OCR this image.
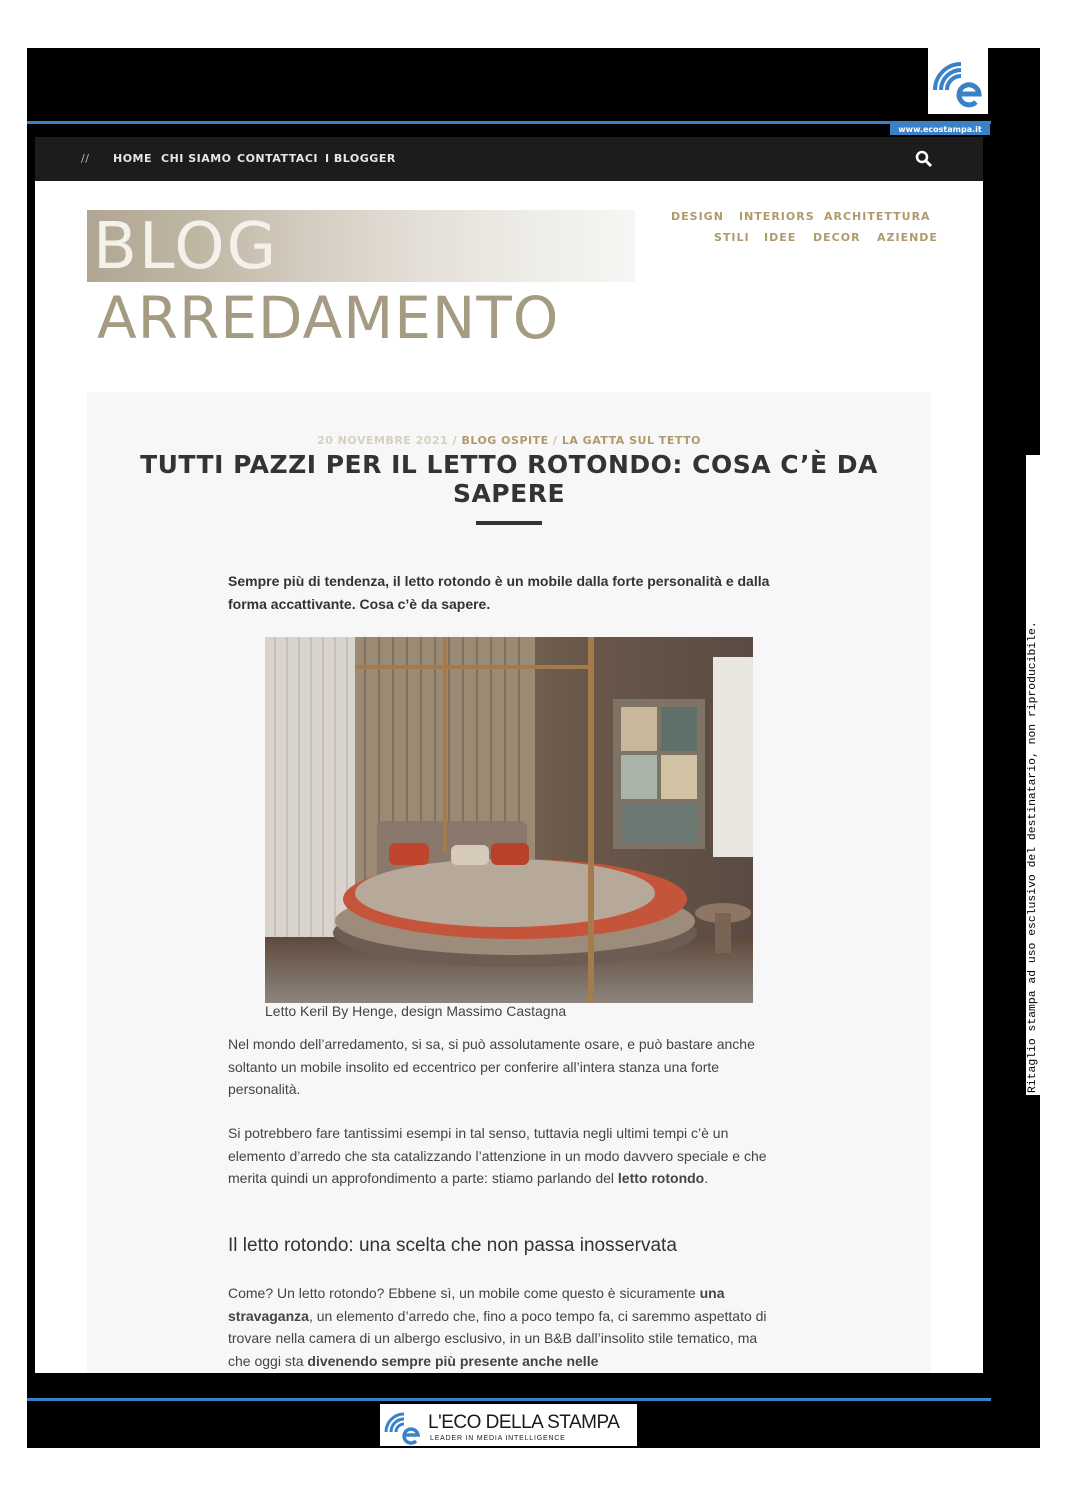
www.ecostampa.it
// HOME CHI SIAMO CONTATTACI I BLOGGER
BLOG
ARREDAMENTO
DESIGN INTERIORS ARCHITETTURA
STILI IDEE DECOR AZIENDE
20 NOVEMBRE 2021 / BLOG OSPITE / LA GATTA SUL TETTO
TUTTI PAZZI PER IL LETTO ROTONDO: COSA C’È DA SAPERE
Sempre più di tendenza, il letto rotondo è un mobile dalla forte personalità e dalla forma accattivante. Cosa c’è da sapere.
Letto Keril By Henge, design Massimo Castagna
Nel mondo dell’arredamento, si sa, si può assolutamente osare, e può bastare anche soltanto un mobile insolito ed eccentrico per conferire all’intera stanza una forte personalità.
Si potrebbero fare tantissimi esempi in tal senso, tuttavia negli ultimi tempi c’è un elemento d’arredo che sta catalizzando l’attenzione in un modo davvero speciale e che merita quindi un approfondimento a parte: stiamo parlando del letto rotondo.
Il letto rotondo: una scelta che non passa inosservata
Come? Un letto rotondo? Ebbene sì, un mobile come questo è sicuramente una stravaganza, un elemento d’arredo che, fino a poco tempo fa, ci saremmo aspettato di trovare nella camera di un albergo esclusivo, in un B&B dall’insolito stile tematico, ma che oggi sta divenendo sempre più presente anche nelle
Ritaglio stampa ad uso esclusivo del destinatario, non riproducibile.
L'ECO DELLA STAMPA
LEADER IN MEDIA INTELLIGENCE
